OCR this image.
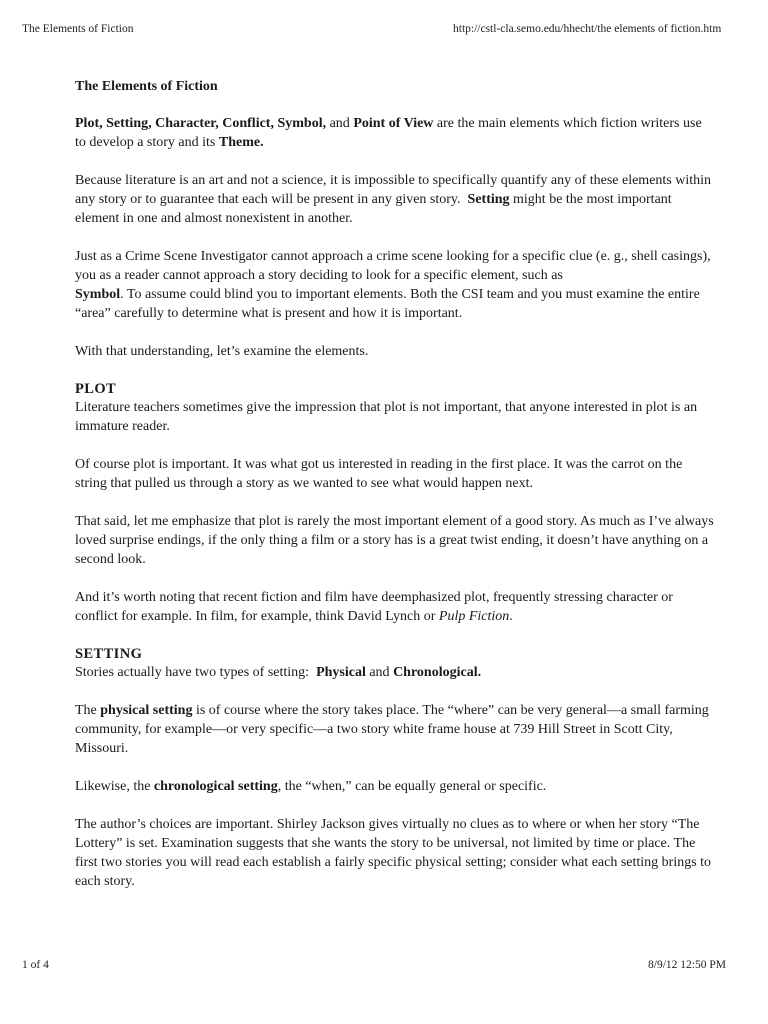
The Elements of Fiction	http://cstl-cla.semo.edu/hhecht/the elements of fiction.htm

The Elements of Fiction

Plot, Setting, Character, Conflict, Symbol, and Point of View are the main elements which fiction writers use to develop a story and its Theme.

Because literature is an art and not a science, it is impossible to specifically quantify any of these elements within any story or to guarantee that each will be present in any given story. Setting might be the most important element in one and almost nonexistent in another.

Just as a Crime Scene Investigator cannot approach a crime scene looking for a specific clue (e. g., shell casings), you as a reader cannot approach a story deciding to look for a specific element, such as
Symbol. To assume could blind you to important elements. Both the CSI team and you must examine the entire “area” carefully to determine what is present and how it is important.

With that understanding, let’s examine the elements.

PLOT

Literature teachers sometimes give the impression that plot is not important, that anyone interested in plot is an immature reader.

Of course plot is important. It was what got us interested in reading in the first place. It was the carrot on the string that pulled us through a story as we wanted to see what would happen next.

That said, let me emphasize that plot is rarely the most important element of a good story. As much as I’ve always loved surprise endings, if the only thing a film or a story has is a great twist ending, it doesn’t have anything on a second look.

And it’s worth noting that recent fiction and film have deemphasized plot, frequently stressing character or conflict for example. In film, for example, think David Lynch or Pulp Fiction.

SETTING

Stories actually have two types of setting: Physical and Chronological.

The physical setting is of course where the story takes place. The “where” can be very general—a small farming community, for example—or very specific—a two story white frame house at 739 Hill Street in Scott City, Missouri.

Likewise, the chronological setting, the “when,” can be equally general or specific.

The author’s choices are important. Shirley Jackson gives virtually no clues as to where or when her story “The Lottery” is set. Examination suggests that she wants the story to be universal, not limited by time or place. The first two stories you will read each establish a fairly specific physical setting; consider what each setting brings to each story.

1 of 4	8/9/12 12:50 PM
